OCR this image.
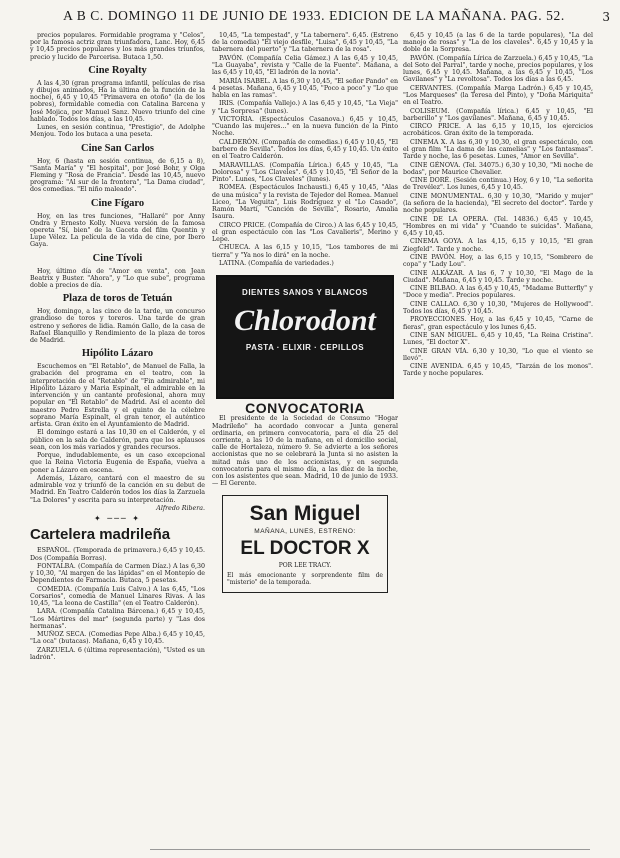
A B C. DOMINGO 11 DE JUNIO DE 1933. EDICION DE LA MAÑANA. PAG. 52.	3

precios populares. Formidable programa y "Celos", por la famosa actriz gran triunfadora, Lanc. Hoy, 6,45 y 10,45 precios populares y los más grandes triunfos, precio y lucido de Parcerisa. Butaca 1,50.

Cine Royalty

A las 4,30 (gran programa infantil, películas de risa y dibujos animados, Ha la última de la función de la noche), 6,45 y 10,45 "Primavera en otoño" (la de los pobres), formidable comedia con Catalina Barcena y José Mojica, por Manuel Sanz. Nuevo triunfo del cine hablado. Todos los días, a las 10,45.

Lunes, en sesión continua, "Prestigio", de Adolphe Menjou. Todo los butaca a una peseta.

Cine San Carlos

Hoy, 6 (hasta en sesión continua, de 6,15 a 8), "Santa María" y "El hospital", por José Bohr, y Olga Fleming y "Rosa de Francia". Desde las 10,45, nuevo programa: "Al sur de la frontera", "La Dama ciudad", dos comedias. "El niño maleado".

Cine Fígaro

Hoy, en las tres funciones, "Hallaré" por Anny Ondra y Ernesto Kolly. Nueva versión de la famosa opereta "Sí, bien" de la Gaceta del film Quentin y Lupe Vélez. La película de la vida de cine, por Ibero Gaya.

Cine Tívoli

Hoy, último día de "Amor en venta", con Jean Beatrix y Buster. "Ahora", y "Lo que sube", programa doble a precios de día.

Plaza de toros de Tetuán

Hoy, domingo, a las cinco de la tarde, un concurso grandioso de toros y toreros. Una tarde de gran estreno y señores de lidia. Ramón Gallo, de la casa de Rafael Blanquillo y Rendimiento de la plaza de toros de Madrid.

Hipólito Lázaro

Escuchemos en "El Retablo", de Manuel de Falla, la grabación del programa en el teatro, con la interpretación de el "Retablo" de "Fin admirable", mi Hipólito Lázaro y Maria Espinalt, el admirable en la intervención y un cantante profesional, ahora muy popular en "El Retablo" de Madrid. Así el acento del maestro Pedro Estrella y el quinto de la célebre soprano María Espinalt, el gran tenor, el auténtico artista. Gran éxito en el Ayuntamiento de Madrid.

El domingo estará a las 10,30 en el Calderón, y el público en la sala de Calderón, para que los aplausos sean, con los más variados y grandes recursos.

Porque, indudablemente, es un caso excepcional que la Reina Victoria Eugenia de España, vuelva a poner a Lázaro en escena.

Además, Lázaro, cantará con el maestro de su admirable voz y triunfó de la canción en su debut de Madrid. En Teatro Calderón todos los días la Zarzuela "La Dolores" y escrita para su interpretación.

Alfredo Ribera.

✦ ─── ✦
Cartelera madrileña

ESPAÑOL. (Temporada de primavera.) 6,45 y 10,45. Dos (Compañía Borras).

FONTALBA. (Compañía de Carmen Díaz.) A las 6,30 y 10,30, "Al margen de las lápidas" en el Montepío de Dependientes de Farmacia. Butaca, 5 pesetas.

COMEDIA. (Compañía Luis Calvo.) A las 6,45, "Los Corsarios", comedia de Manuel Linares Rivas. A las 10,45, "La leona de Castilla" (en el Teatro Calderón).

LARA. (Compañía Catalina Bárcena.) 6,45 y 10,45, "Los Mártires del mar" (segunda parte) y "Las dos hermanas".

MUÑOZ SECA. (Comedias Pepe Alba.) 6,45 y 10,45, "La oca" (butacas). Mañana, 6,45 y 10,45.

ZARZUELA. 6 (última representación), "Usted es un ladrón".

10,45, "La tempestad", y "La tabernera". 6,45. (Estreno de la comedia) "El viejo desfile, "Luisa", 6,45 y 10,45, "La tabernera del puerto" y "La tabernera de la rosa".

PAVÓN. (Compañía Celia Gámez.) A las 6,45 y 10,45, "La Guayaba", revista y "Calle de la Fuente". Mañana, a las 6,45 y 10,45, "El ladrón de la novia".

MARÍA ISABEL. A las 6,30 y 10,45, "El señor Pando" en 4 pesetas. Mañana, 6,45 y 10,45, "Poco a poco" y "Lo que habla en las ramas".

IRIS. (Compañía Vallejo.) A las 6,45 y 10,45, "La Vieja" y "La Sorpresa" (lunes).

VICTORIA. (Espectáculos Casanova.) 6,45 y 10,45, "Cuando las mujeres..." en la nueva función de la Pinto Noche.

CALDERÓN. (Compañía de comedias.) 6,45 y 10,45, "El barbero de Sevilla". Todos los días, 6,45 y 10,45. Un éxito en el Teatro Calderón.

MARAVILLAS. (Compañía Lírica.) 6,45 y 10,45, "La Dolorosa" y "Los Claveles". 6,45 y 10,45, "El Señor de la Pinto". Lunes, "Los Claveles" (lunes).

ROMEA. (Espectáculos Inchausti.) 6,45 y 10,45, "Alas de una música" y la revista de Tejedor del Romea. Manuel Liceo, "La Veguita", Luis Rodríguez y el "Lo Casado", Ramón Martí, "Canción de Sevilla", Rosario, Amalia Isaura.

CIRCO PRICE. (Compañía de Circo.) A las 6,45 y 10,45, el gran espectáculo con las "Los Cavalieris", Merino y Lepe.

CHUECA. A las 6,15 y 10,15, "Los tambores de mi tierra" y "Ya nos lo dirá" en la noche.

LATINA. (Compañía de variedades.)

DIENTES SANOS Y BLANCOS
Chlorodont
PASTA · ELIXIR · CEPILLOS
CONVOCATORIA

El presidente de la Sociedad de Consumo "Hogar Madrileño" ha acordado convocar a Junta general ordinaria, en primera convocatoria, para el día 25 del corriente, a las 10 de la mañana, en el domicilio social, calle de Hortaleza, número 9. Se advierte a los señores accionistas que no se celebrará la Junta si no asisten la mitad más uno de los accionistas, y en segunda convocatoria para el mismo día, a las diez de la noche, con los asistentes que sean. Madrid, 10 de junio de 1933. — El Gerente.

San Miguel
MAÑANA, LUNES, ESTRENO:
EL DOCTOR X
POR LEE TRACY.
El más emocionante y sorprendente film de "misterio" de la temporada.

6,45 y 10,45 (a las 6 de la tarde populares), "La del manojo de rosas" y "La de los claveles". 6,45 y 10,45 y la doble de la Sorpresa.

PAVÓN. (Compañía Lírica de Zarzuela.) 6,45 y 10,45, "La del Soto del Parral", tarde y noche, precios populares, y los lunes, 6,45 y 10,45. Mañana, a las 6,45 y 10,45, "Los Gavilanes" y "La revoltosa". Todos los días a las 6,45.

CERVANTES. (Compañía Marga Ladrón.) 6,45 y 10,45, "Los Marqueses" (la Teresa del Pinto), y "Doña Mariquita" en el Teatro.

COLISEUM. (Compañía lírica.) 6,45 y 10,45, "El barberillo" y "Los gavilanes". Mañana, 6,45 y 10,45.

CIRCO PRICE. A las 6,15 y 10,15, los ejercicios acrobáticos. Gran éxito de la temporada.

CINEMA X. A las 6,30 y 10,30, el gran espectáculo, con el gran film "La dama de las camelias" y "Los fantasmas". Tarde y noche, las 6 pesetas. Lunes, "Amor en Sevilla".

CINE GÉNOVA. (Tel. 34075.) 6,30 y 10,30, "Mi noche de bodas", por Maurice Chevalier.

CINE DORÉ. (Sesión continua.) Hoy, 6 y 10, "La señorita de Trevélez". Los lunes, 6,45 y 10,45.

CINE MONUMENTAL. 6,30 y 10,30, "Marido y mujer" (la señora de la hacienda), "El secreto del doctor". Tarde y noche populares.

CINE DE LA OPERA. (Tel. 14836.) 6,45 y 10,45, "Hombres en mi vida" y "Cuando te suicidas". Mañana, 6,45 y 10,45.

CINEMA GOYA. A las 4,15, 6,15 y 10,15, "El gran Ziegfeld". Tarde y noche.

CINE PAVÓN. Hoy, a las 6,15 y 10,15, "Sombrero de copa" y "Lady Lou".

CINE ALKÁZAR. A las 6, 7 y 10,30, "El Mago de la Ciudad". Mañana, 6,45 y 10,45. Tarde y noche.

CINE BILBAO. A las 6,45 y 10,45, "Madame Butterfly" y "Doce y media". Precios populares.

CINE CALLAO. 6,30 y 10,30, "Mujeres de Hollywood". Todos los días, 6,45 y 10,45.

PROYECCIONES. Hoy, a las 6,45 y 10,45, "Carne de fieras", gran espectáculo y los lunes 6,45.

CINE SAN MIGUEL. 6,45 y 10,45, "La Reina Cristina". Lunes, "El doctor X".

CINE GRAN VÍA. 6,30 y 10,30, "Lo que el viento se llevó".

CINE AVENIDA. 6,45 y 10,45, "Tarzán de los monos". Tarde y noche populares.
